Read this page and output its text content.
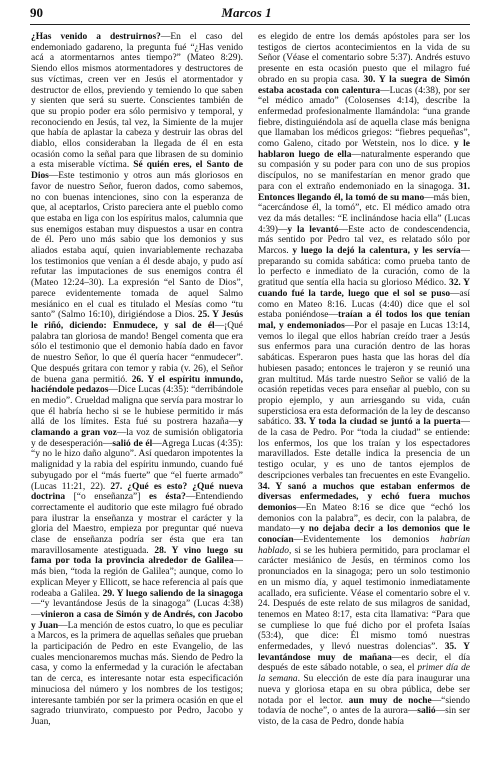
90	Marcos 1

¿Has venido a destruirnos?—En el caso del endemoniado gadareno, la pregunta fué “¿Has venido acá a atormentarnos antes tiempo?” (Mateo 8:29). Siendo ellos mismos atormentadores y destructores de sus víctimas, creen ver en Jesús el atormentador y destructor de ellos, previendo y temiendo lo que saben y sienten que será su suerte. Conscientes también de que su propio poder era sólo permisivo y temporal, y reconociendo en Jesús, tal vez, la Simiente de la mujer que había de aplastar la cabeza y destruir las obras del diablo, ellos consideraban la llegada de él en esta ocasión como la señal para que librasen de su dominio a esta miserable víctima. Sé quién eres, el Santo de Dios—Este testimonio y otros aun más gloriosos en favor de nuestro Señor, fueron dados, como sabemos, no con buenas intenciones, sino con la esperanza de que, al aceptarlos, Cristo pareciera ante el pueblo como que estaba en liga con los espíritus malos, calumnia que sus enemigos estaban muy dispuestos a usar en contra de él. Pero uno más sabio que los demonios y sus aliados estaba aquí, quien invariablemente rechazaba los testimonios que venían a él desde abajo, y pudo así refutar las imputaciones de sus enemigos contra él (Mateo 12:24–30). La expresión “el Santo de Dios”, parece evidentemente tomada de aquel Salmo mesiánico en el cual es titulado el Mesías como “tu santo” (Salmo 16:10), dirigiéndose a Dios. 25. Y Jesús le riñó, diciendo: Enmudece, y sal de él—¡Qué palabra tan gloriosa de mando! Bengel comenta que era sólo el testimonio que el demonio había dado en favor de nuestro Señor, lo que él quería hacer “enmudecer”. Que después gritara con temor y rabia (v. 26), el Señor de buena gana permitió. 26. Y el espíritu inmundo, haciéndole pedazos—Dice Lucas (4:35): “derribándole en medio”. Crueldad maligna que servía para mostrar lo que él habría hecho si se le hubiese permitido ir más allá de los límites. Esta fué su postrera hazaña—y clamando a gran voz—la voz de sumisión obligatoria y de desesperación—salió de él—Agrega Lucas (4:35): “y no le hizo daño alguno”. Así quedaron impotentes la malignidad y la rabia del espíritu inmundo, cuando fué subyugado por el “más fuerte” que “el fuerte armado” (Lucas 11:21, 22). 27. ¿Qué es esto? ¿Qué nueva doctrina [“o enseñanza”] es ésta?—Entendiendo correctamente el auditorio que este milagro fué obrado para ilustrar la enseñanza y mostrar el carácter y la gloria del Maestro, empieza por preguntar qué nueva clase de enseñanza podría ser ésta que era tan maravillosamente atestiguada. 28. Y vino luego su fama por toda la provincia alrededor de Galilea—más bien, “toda la región de Galilea”; aunque, como lo explican Meyer y Ellicott, se hace referencia al país que rodeaba a Galilea. 29. Y luego saliendo de la sinagoga—“y levantándose Jesús de la sinagoga” (Lucas 4:38)—vinieron a casa de Simón y de Andrés, con Jacobo y Juan—La mención de estos cuatro, lo que es peculiar a Marcos, es la primera de aquellas señales que prueban la participación de Pedro en este Evangelio, de las cuales mencionaremos muchas más. Siendo de Pedro la casa, y como la enfermedad y la curación le afectaban tan de cerca, es interesante notar esta especificación minuciosa del número y los nombres de los testigos; interesante también por ser la primera ocasión en que el sagrado triunvirato, compuesto por Pedro, Jacobo y Juan,

es elegido de entre los demás apóstoles para ser los testigos de ciertos acontecimientos en la vida de su Señor (Véase el comentario sobre 5:37). Andrés estuvo presente en esta ocasión puesto que el milagro fué obrado en su propia casa. 30. Y la suegra de Simón estaba acostada con calentura—Lucas (4:38), por ser “el médico amado” (Colosenses 4:14), describe la enfermedad profesionalmente llamándola: “una grande fiebre, distinguiéndola así de aquella clase más benigna que llamaban los médicos griegos: “fiebres pequeñas”, como Galeno, citado por Wetstein, nos lo dice. y le hablaron luego de ella—naturalmente esperando que su compasión y su poder para con uno de sus propios discípulos, no se manifestarían en menor grado que para con el extraño endemoniado en la sinagoga. 31. Entonces llegando él, la tomó de su mano—más bien, “acercándose él, la tomó”, etc. El médico amado otra vez da más detalles: “E inclinándose hacia ella” (Lucas 4:39)—y la levantó—Este acto de condescendencia, más sentido por Pedro tal vez, es relatado sólo por Marcos. y luego la dejó la calentura, y les servía—preparando su comida sabática: como prueba tanto de lo perfecto e inmediato de la curación, como de la gratitud que sentía ella hacia su glorioso Médico. 32. Y cuando fué la tarde, luego que el sol se puso—así como en Mateo 8:16. Lucas (4:40) dice que el sol estaba poniéndose—traían a él todos los que tenían mal, y endemoniados—Por el pasaje en Lucas 13:14, vemos lo ilegal que ellos habrían creído traer a Jesús sus enfermos para una curación dentro de las horas sabáticas. Esperaron pues hasta que las horas del día hubiesen pasado; entonces le trajeron y se reunió una gran multitud. Más tarde nuestro Señor se valió de la ocasión repetidas veces para enseñar al pueblo, con su propio ejemplo, y aun arriesgando su vida, cuán supersticiosa era esta deformación de la ley de descanso sabático. 33. Y toda la ciudad se juntó a la puerta—de la casa de Pedro. Por “toda la ciudad” se entiende: los enfermos, los que los traían y los espectadores maravillados. Este detalle indica la presencia de un testigo ocular, y es uno de tantos ejemplos de descripciones verbales tan frecuentes en este Evangelio. 34. Y sanó a muchos que estaban enfermos de diversas enfermedades, y echó fuera muchos demonios—En Mateo 8:16 se dice que “echó los demonios con la palabra”, es decir, con la palabra, de mandato—y no dejaba decir a los demonios que le conocían—Evidentemente los demonios habrían hablado, si se les hubiera permitido, para proclamar el carácter mesiánico de Jesús, en términos como los pronunciados en la sinagoga; pero un solo testimonio en un mismo día, y aquel testimonio inmediatamente acallado, era suficiente. Véase el comentario sobre el v. 24. Después de este relato de sus milagros de sanidad, tenemos en Mateo 8:17, esta cita llamativa: “Para que se cumpliese lo que fué dicho por el profeta Isaías (53:4), que dice: Él mismo tomó nuestras enfermedades, y llevó nuestras dolencias”. 35. Y levantándose muy de mañana—es decir, el día después de este sábado notable, o sea, el primer día de la semana. Su elección de este día para inaugurar una nueva y gloriosa etapa en su obra pública, debe ser notada por el lector. aun muy de noche—“siendo todavía de noche”, o antes de la aurora—salió—sin ser visto, de la casa de Pedro, donde había
